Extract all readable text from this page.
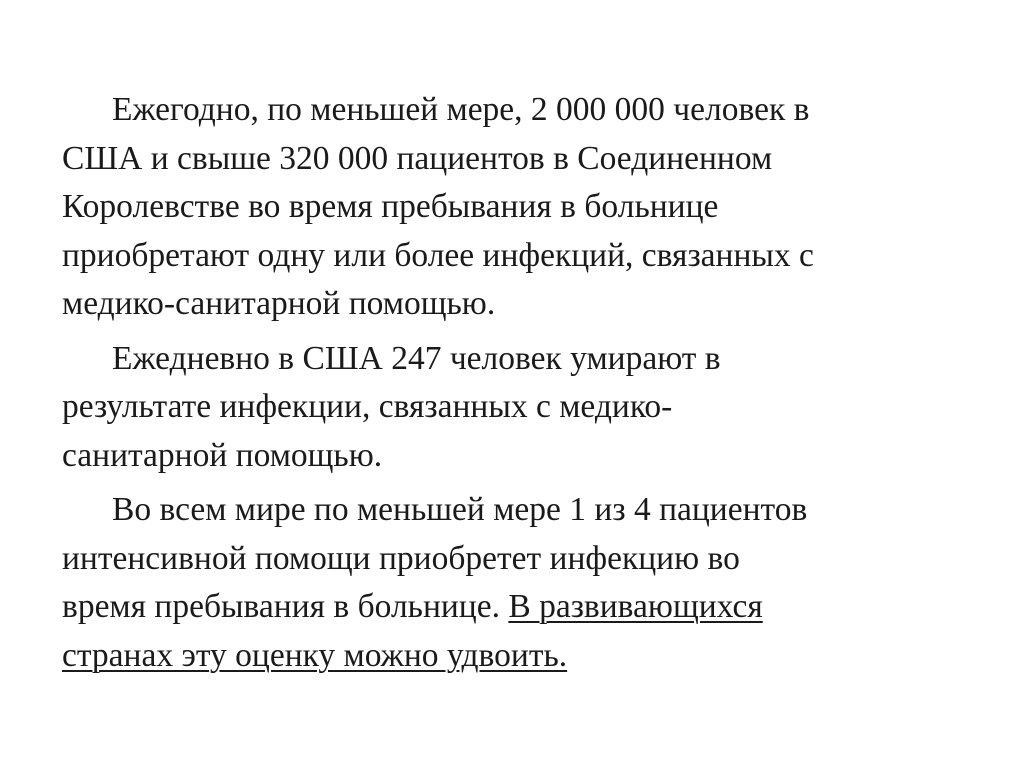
Ежегодно, по меньшей мере, 2 000 000 человек в
США и свыше 320 000 пациентов в Соединенном
Королевстве во время пребывания в больнице
приобретают одну или более инфекций, связанных с
медико-санитарной помощью.

Ежедневно в США 247 человек умирают в
результате инфекции, связанных с медико-
санитарной помощью.

Во всем мире по меньшей мере 1 из 4 пациентов
интенсивной помощи приобретет инфекцию во
время пребывания в больнице. В развивающихся
странах эту оценку можно удвоить.
